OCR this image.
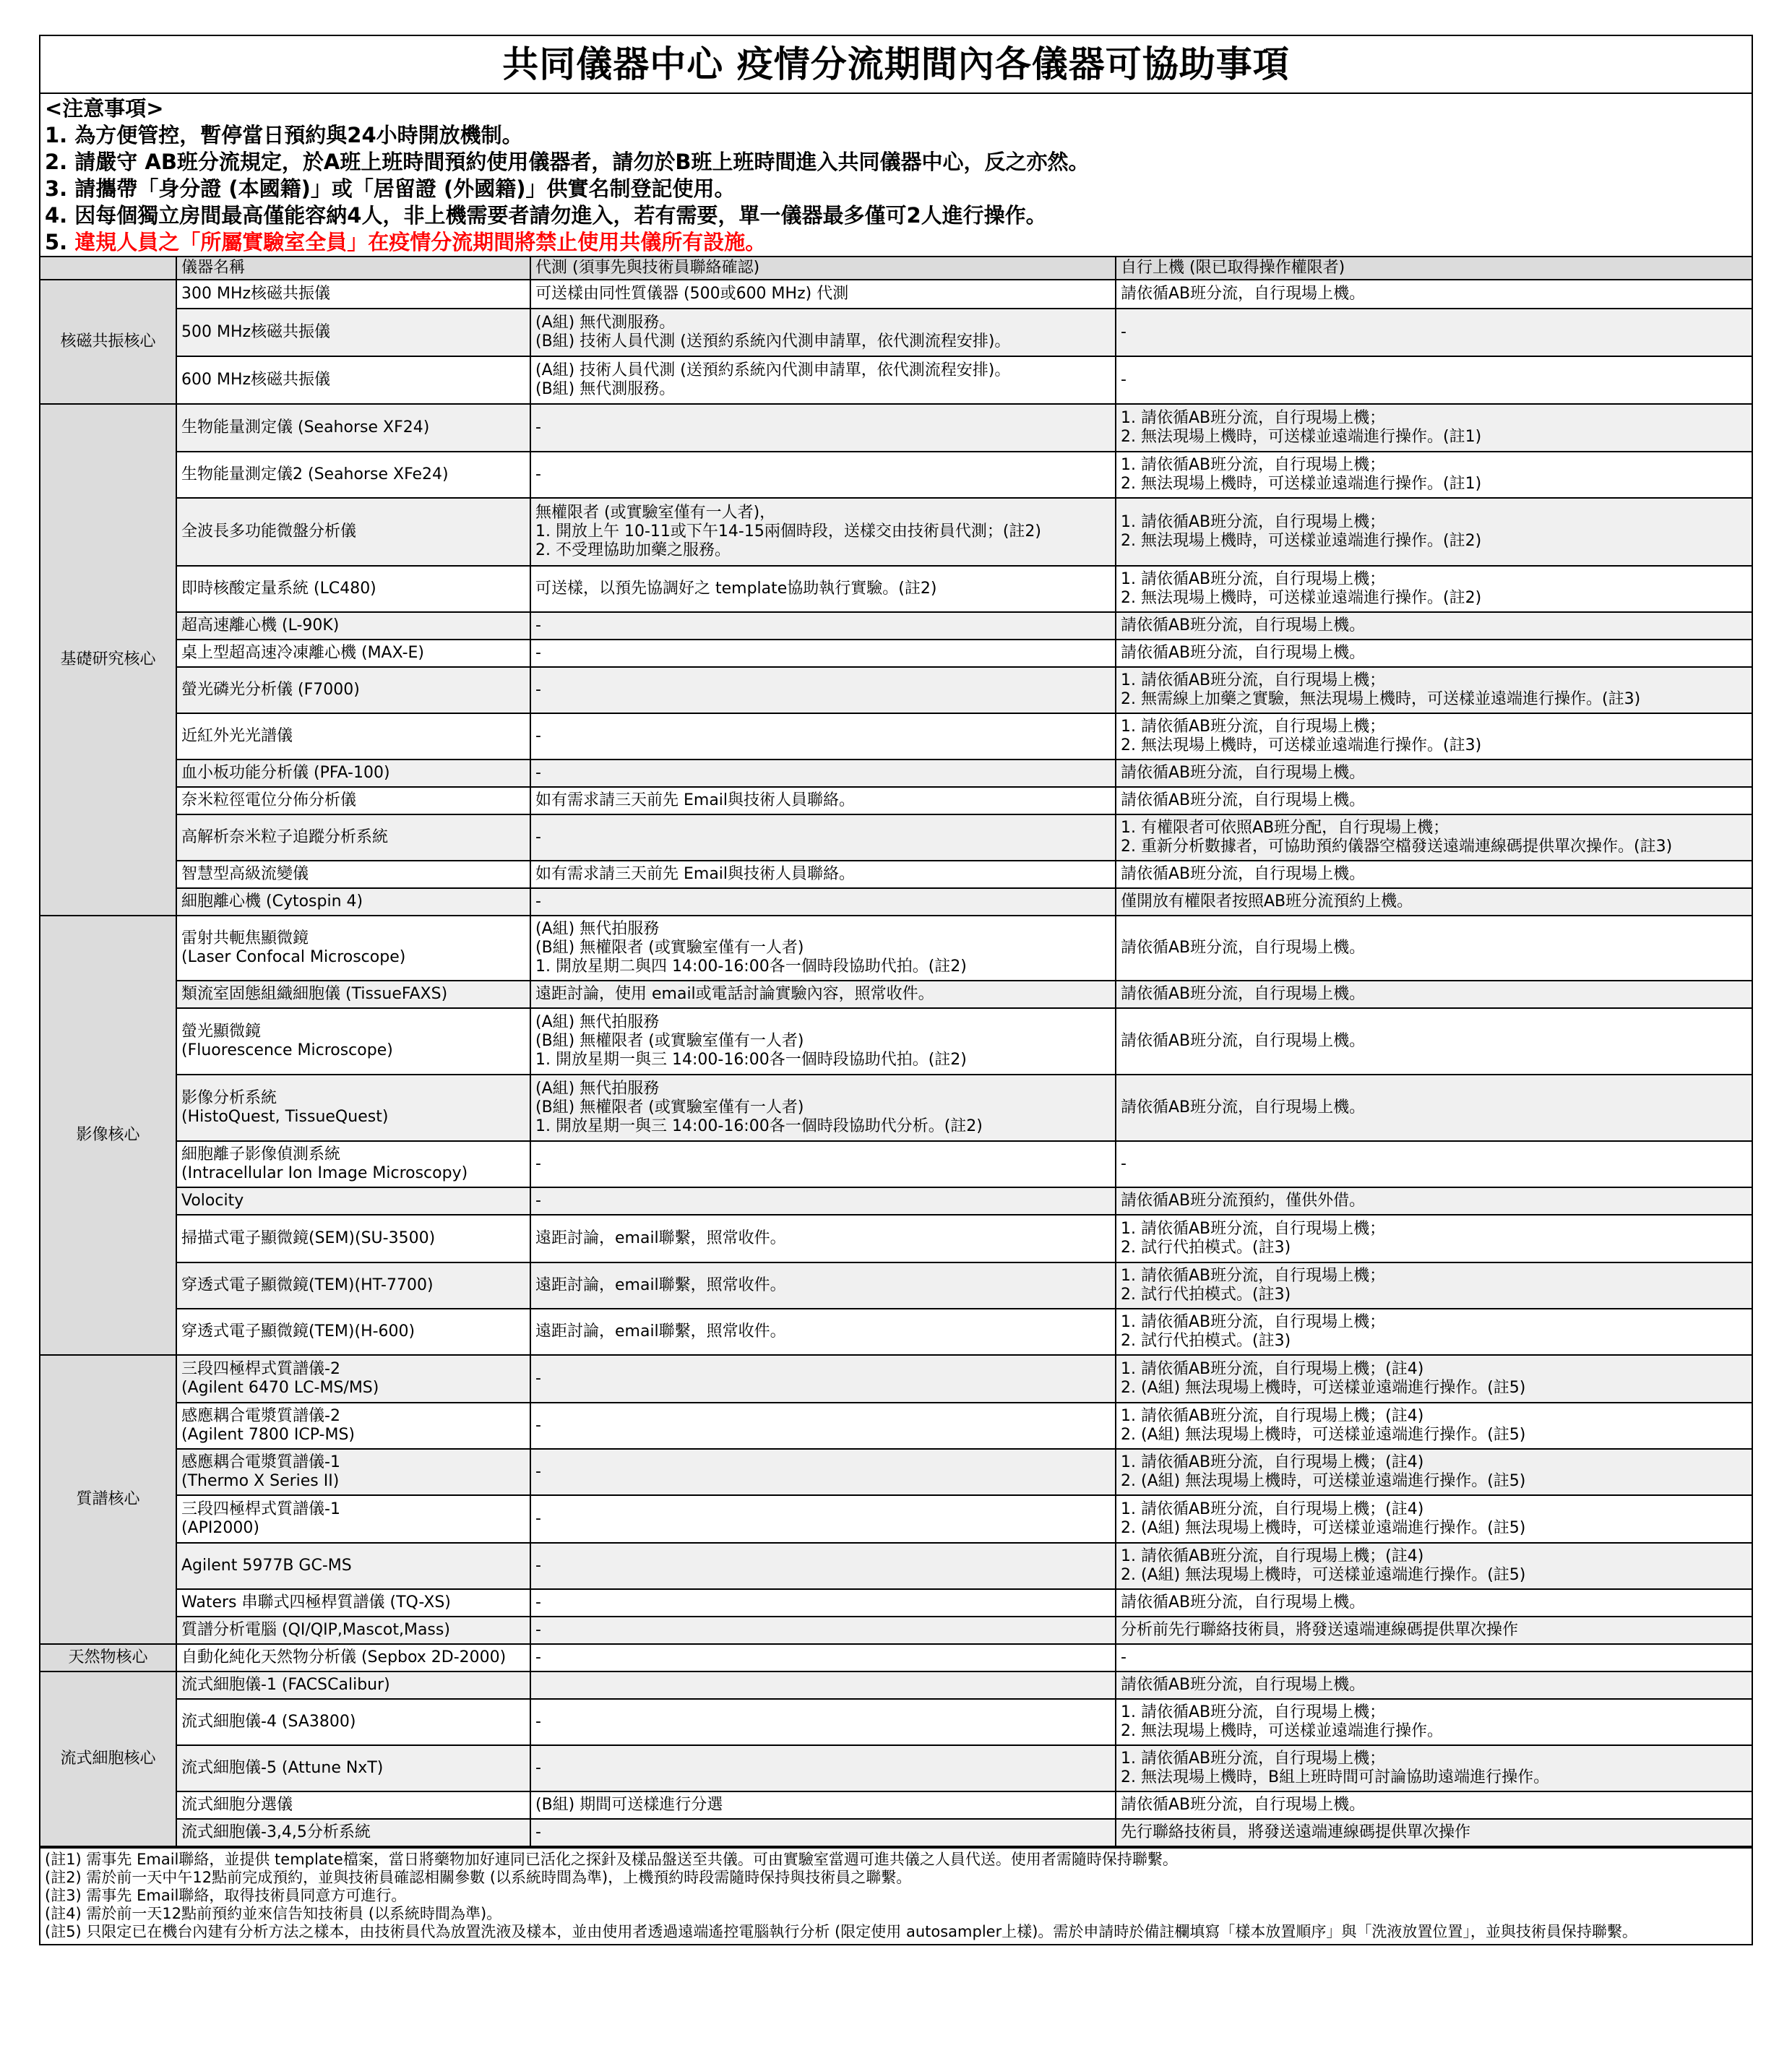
共同儀器中心 疫情分流期間內各儀器可協助事項
<注意事項>
1. 為方便管控，暫停當日預約與24小時開放機制。
2. 請嚴守 AB班分流規定，於A班上班時間預約使用儀器者，請勿於B班上班時間進入共同儀器中心，反之亦然。
3. 請攜帶「身分證 (本國籍)」或「居留證 (外國籍)」供實名制登記使用。
4. 因每個獨立房間最高僅能容納4人，非上機需要者請勿進入，若有需要，單一儀器最多僅可2人進行操作。
5. 違規人員之「所屬實驗室全員」在疫情分流期間將禁止使用共儀所有設施。
	儀器名稱	代測 (須事先與技術員聯絡確認)	自行上機 (限已取得操作權限者)
核磁共振核心	300 MHz核磁共振儀	可送樣由同性質儀器 (500或600 MHz) 代測	請依循AB班分流，自行現場上機。
	500 MHz核磁共振儀	(A組) 無代測服務。
(B組) 技術人員代測 (送預約系統內代測申請單，依代測流程安排)。	-
	600 MHz核磁共振儀	(A組) 技術人員代測 (送預約系統內代測申請單，依代測流程安排)。
(B組) 無代測服務。	-
基礎研究核心	生物能量測定儀 (Seahorse XF24)	-	1. 請依循AB班分流，自行現場上機；
2. 無法現場上機時，可送樣並遠端進行操作。(註1)
	生物能量測定儀2 (Seahorse XFe24)	-	1. 請依循AB班分流，自行現場上機；
2. 無法現場上機時，可送樣並遠端進行操作。(註1)
	全波長多功能微盤分析儀	無權限者 (或實驗室僅有一人者)，
1. 開放上午 10-11或下午14-15兩個時段，送樣交由技術員代測；(註2)
2. 不受理協助加藥之服務。	1. 請依循AB班分流，自行現場上機；
2. 無法現場上機時，可送樣並遠端進行操作。(註2)
	即時核酸定量系統 (LC480)	可送樣，以預先協調好之 template協助執行實驗。(註2)	1. 請依循AB班分流，自行現場上機；
2. 無法現場上機時，可送樣並遠端進行操作。(註2)
	超高速離心機 (L-90K)	-	請依循AB班分流，自行現場上機。
	桌上型超高速冷凍離心機 (MAX-E)	-	請依循AB班分流，自行現場上機。
	螢光磷光分析儀 (F7000)	-	1. 請依循AB班分流，自行現場上機；
2. 無需線上加藥之實驗，無法現場上機時，可送樣並遠端進行操作。(註3)
	近紅外光光譜儀	-	1. 請依循AB班分流，自行現場上機；
2. 無法現場上機時，可送樣並遠端進行操作。(註3)
	血小板功能分析儀 (PFA-100)	-	請依循AB班分流，自行現場上機。
	奈米粒徑電位分佈分析儀	如有需求請三天前先 Email與技術人員聯絡。	請依循AB班分流，自行現場上機。
	高解析奈米粒子追蹤分析系統	-	1. 有權限者可依照AB班分配，自行現場上機；
2. 重新分析數據者，可協助預約儀器空檔發送遠端連線碼提供單次操作。(註3)
	智慧型高級流變儀	如有需求請三天前先 Email與技術人員聯絡。	請依循AB班分流，自行現場上機。
	細胞離心機 (Cytospin 4)	-	僅開放有權限者按照AB班分流預約上機。
影像核心	雷射共軛焦顯微鏡
(Laser Confocal Microscope)	(A組) 無代拍服務
(B組) 無權限者 (或實驗室僅有一人者)
1. 開放星期二與四 14:00-16:00各一個時段協助代拍。(註2)	請依循AB班分流，自行現場上機。
	類流室固態組織細胞儀 (TissueFAXS)	遠距討論，使用 email或電話討論實驗內容，照常收件。	請依循AB班分流，自行現場上機。
	螢光顯微鏡
(Fluorescence Microscope)	(A組) 無代拍服務
(B組) 無權限者 (或實驗室僅有一人者)
1. 開放星期一與三 14:00-16:00各一個時段協助代拍。(註2)	請依循AB班分流，自行現場上機。
	影像分析系統
(HistoQuest, TissueQuest)	(A組) 無代拍服務
(B組) 無權限者 (或實驗室僅有一人者)
1. 開放星期一與三 14:00-16:00各一個時段協助代分析。(註2)	請依循AB班分流，自行現場上機。
	細胞離子影像偵測系統
(Intracellular Ion Image Microscopy)	-	-
	Volocity	-	請依循AB班分流預約，僅供外借。
	掃描式電子顯微鏡(SEM)(SU-3500)	遠距討論，email聯繫，照常收件。	1. 請依循AB班分流，自行現場上機；
2. 試行代拍模式。(註3)
	穿透式電子顯微鏡(TEM)(HT-7700)	遠距討論，email聯繫，照常收件。	1. 請依循AB班分流，自行現場上機；
2. 試行代拍模式。(註3)
	穿透式電子顯微鏡(TEM)(H-600)	遠距討論，email聯繫，照常收件。	1. 請依循AB班分流，自行現場上機；
2. 試行代拍模式。(註3)
質譜核心	三段四極桿式質譜儀-2
(Agilent 6470 LC-MS/MS)	-	1. 請依循AB班分流，自行現場上機；(註4)
2. (A組) 無法現場上機時，可送樣並遠端進行操作。(註5)
	感應耦合電漿質譜儀-2
(Agilent 7800 ICP-MS)	-	1. 請依循AB班分流，自行現場上機；(註4)
2. (A組) 無法現場上機時，可送樣並遠端進行操作。(註5)
	感應耦合電漿質譜儀-1
(Thermo X Series II)	-	1. 請依循AB班分流，自行現場上機；(註4)
2. (A組) 無法現場上機時，可送樣並遠端進行操作。(註5)
	三段四極桿式質譜儀-1
(API2000)	-	1. 請依循AB班分流，自行現場上機；(註4)
2. (A組) 無法現場上機時，可送樣並遠端進行操作。(註5)
	Agilent 5977B GC-MS	-	1. 請依循AB班分流，自行現場上機；(註4)
2. (A組) 無法現場上機時，可送樣並遠端進行操作。(註5)
	Waters 串聯式四極桿質譜儀 (TQ-XS)	-	請依循AB班分流，自行現場上機。
	質譜分析電腦 (QI/QIP,Mascot,Mass)	-	分析前先行聯絡技術員，將發送遠端連線碼提供單次操作
天然物核心	自動化純化天然物分析儀 (Sepbox 2D-2000)	-	-
流式細胞核心	流式細胞儀-1 (FACSCalibur)		請依循AB班分流，自行現場上機。
	流式細胞儀-4 (SA3800)	-	1. 請依循AB班分流，自行現場上機；
2. 無法現場上機時，可送樣並遠端進行操作。
	流式細胞儀-5 (Attune NxT)	-	1. 請依循AB班分流，自行現場上機；
2. 無法現場上機時，B組上班時間可討論協助遠端進行操作。
	流式細胞分選儀	(B組) 期間可送樣進行分選	請依循AB班分流，自行現場上機。
	流式細胞儀-3,4,5分析系統	-	先行聯絡技術員，將發送遠端連線碼提供單次操作
(註1) 需事先 Email聯絡，並提供 template檔案，當日將藥物加好連同已活化之探針及樣品盤送至共儀。可由實驗室當週可進共儀之人員代送。使用者需隨時保持聯繫。
(註2) 需於前一天中午12點前完成預約，並與技術員確認相關參數 (以系統時間為準)，上機預約時段需隨時保持與技術員之聯繫。
(註3) 需事先 Email聯絡，取得技術員同意方可進行。
(註4) 需於前一天12點前預約並來信告知技術員 (以系統時間為準)。
(註5) 只限定已在機台內建有分析方法之樣本，由技術員代為放置洗液及樣本，並由使用者透過遠端遙控電腦執行分析 (限定使用 autosampler上樣)。需於申請時於備註欄填寫「樣本放置順序」與「洗液放置位置」，並與技術員保持聯繫。
